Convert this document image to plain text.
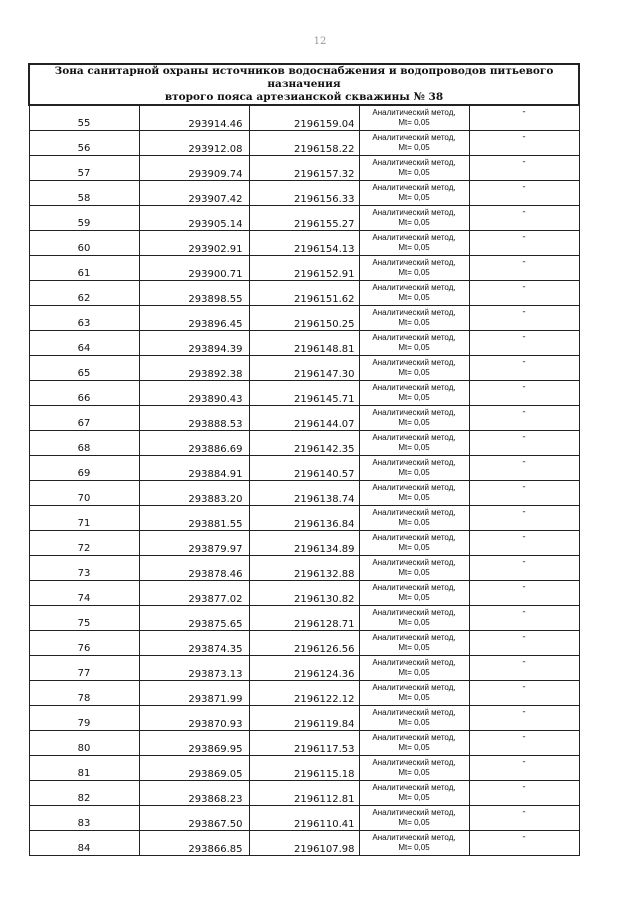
12
Зона санитарной охраны источников водоснабжения и водопроводов питьевого назначения
второго пояса артезианской скважины № 38				

55	293914.46	2196159.04	Аналитический метод,
Mt= 0,05	-
56	293912.08	2196158.22	Аналитический метод,
Mt= 0,05	-
57	293909.74	2196157.32	Аналитический метод,
Mt= 0,05	-
58	293907.42	2196156.33	Аналитический метод,
Mt= 0,05	-
59	293905.14	2196155.27	Аналитический метод,
Mt= 0,05	-
60	293902.91	2196154.13	Аналитический метод,
Mt= 0,05	-
61	293900.71	2196152.91	Аналитический метод,
Mt= 0,05	-
62	293898.55	2196151.62	Аналитический метод,
Mt= 0,05	-
63	293896.45	2196150.25	Аналитический метод,
Mt= 0,05	-
64	293894.39	2196148.81	Аналитический метод,
Mt= 0,05	-
65	293892.38	2196147.30	Аналитический метод,
Mt= 0,05	-
66	293890.43	2196145.71	Аналитический метод,
Mt= 0,05	-
67	293888.53	2196144.07	Аналитический метод,
Mt= 0,05	-
68	293886.69	2196142.35	Аналитический метод,
Mt= 0,05	-
69	293884.91	2196140.57	Аналитический метод,
Mt= 0,05	-
70	293883.20	2196138.74	Аналитический метод,
Mt= 0,05	-
71	293881.55	2196136.84	Аналитический метод,
Mt= 0,05	-
72	293879.97	2196134.89	Аналитический метод,
Mt= 0,05	-
73	293878.46	2196132.88	Аналитический метод,
Mt= 0,05	-
74	293877.02	2196130.82	Аналитический метод,
Mt= 0,05	-
75	293875.65	2196128.71	Аналитический метод,
Mt= 0,05	-
76	293874.35	2196126.56	Аналитический метод,
Mt= 0,05	-
77	293873.13	2196124.36	Аналитический метод,
Mt= 0,05	-
78	293871.99	2196122.12	Аналитический метод,
Mt= 0,05	-
79	293870.93	2196119.84	Аналитический метод,
Mt= 0,05	-
80	293869.95	2196117.53	Аналитический метод,
Mt= 0,05	-
81	293869.05	2196115.18	Аналитический метод,
Mt= 0,05	-
82	293868.23	2196112.81	Аналитический метод,
Mt= 0,05	-
83	293867.50	2196110.41	Аналитический метод,
Mt= 0,05	-
84	293866.85	2196107.98	Аналитический метод,
Mt= 0,05	-
